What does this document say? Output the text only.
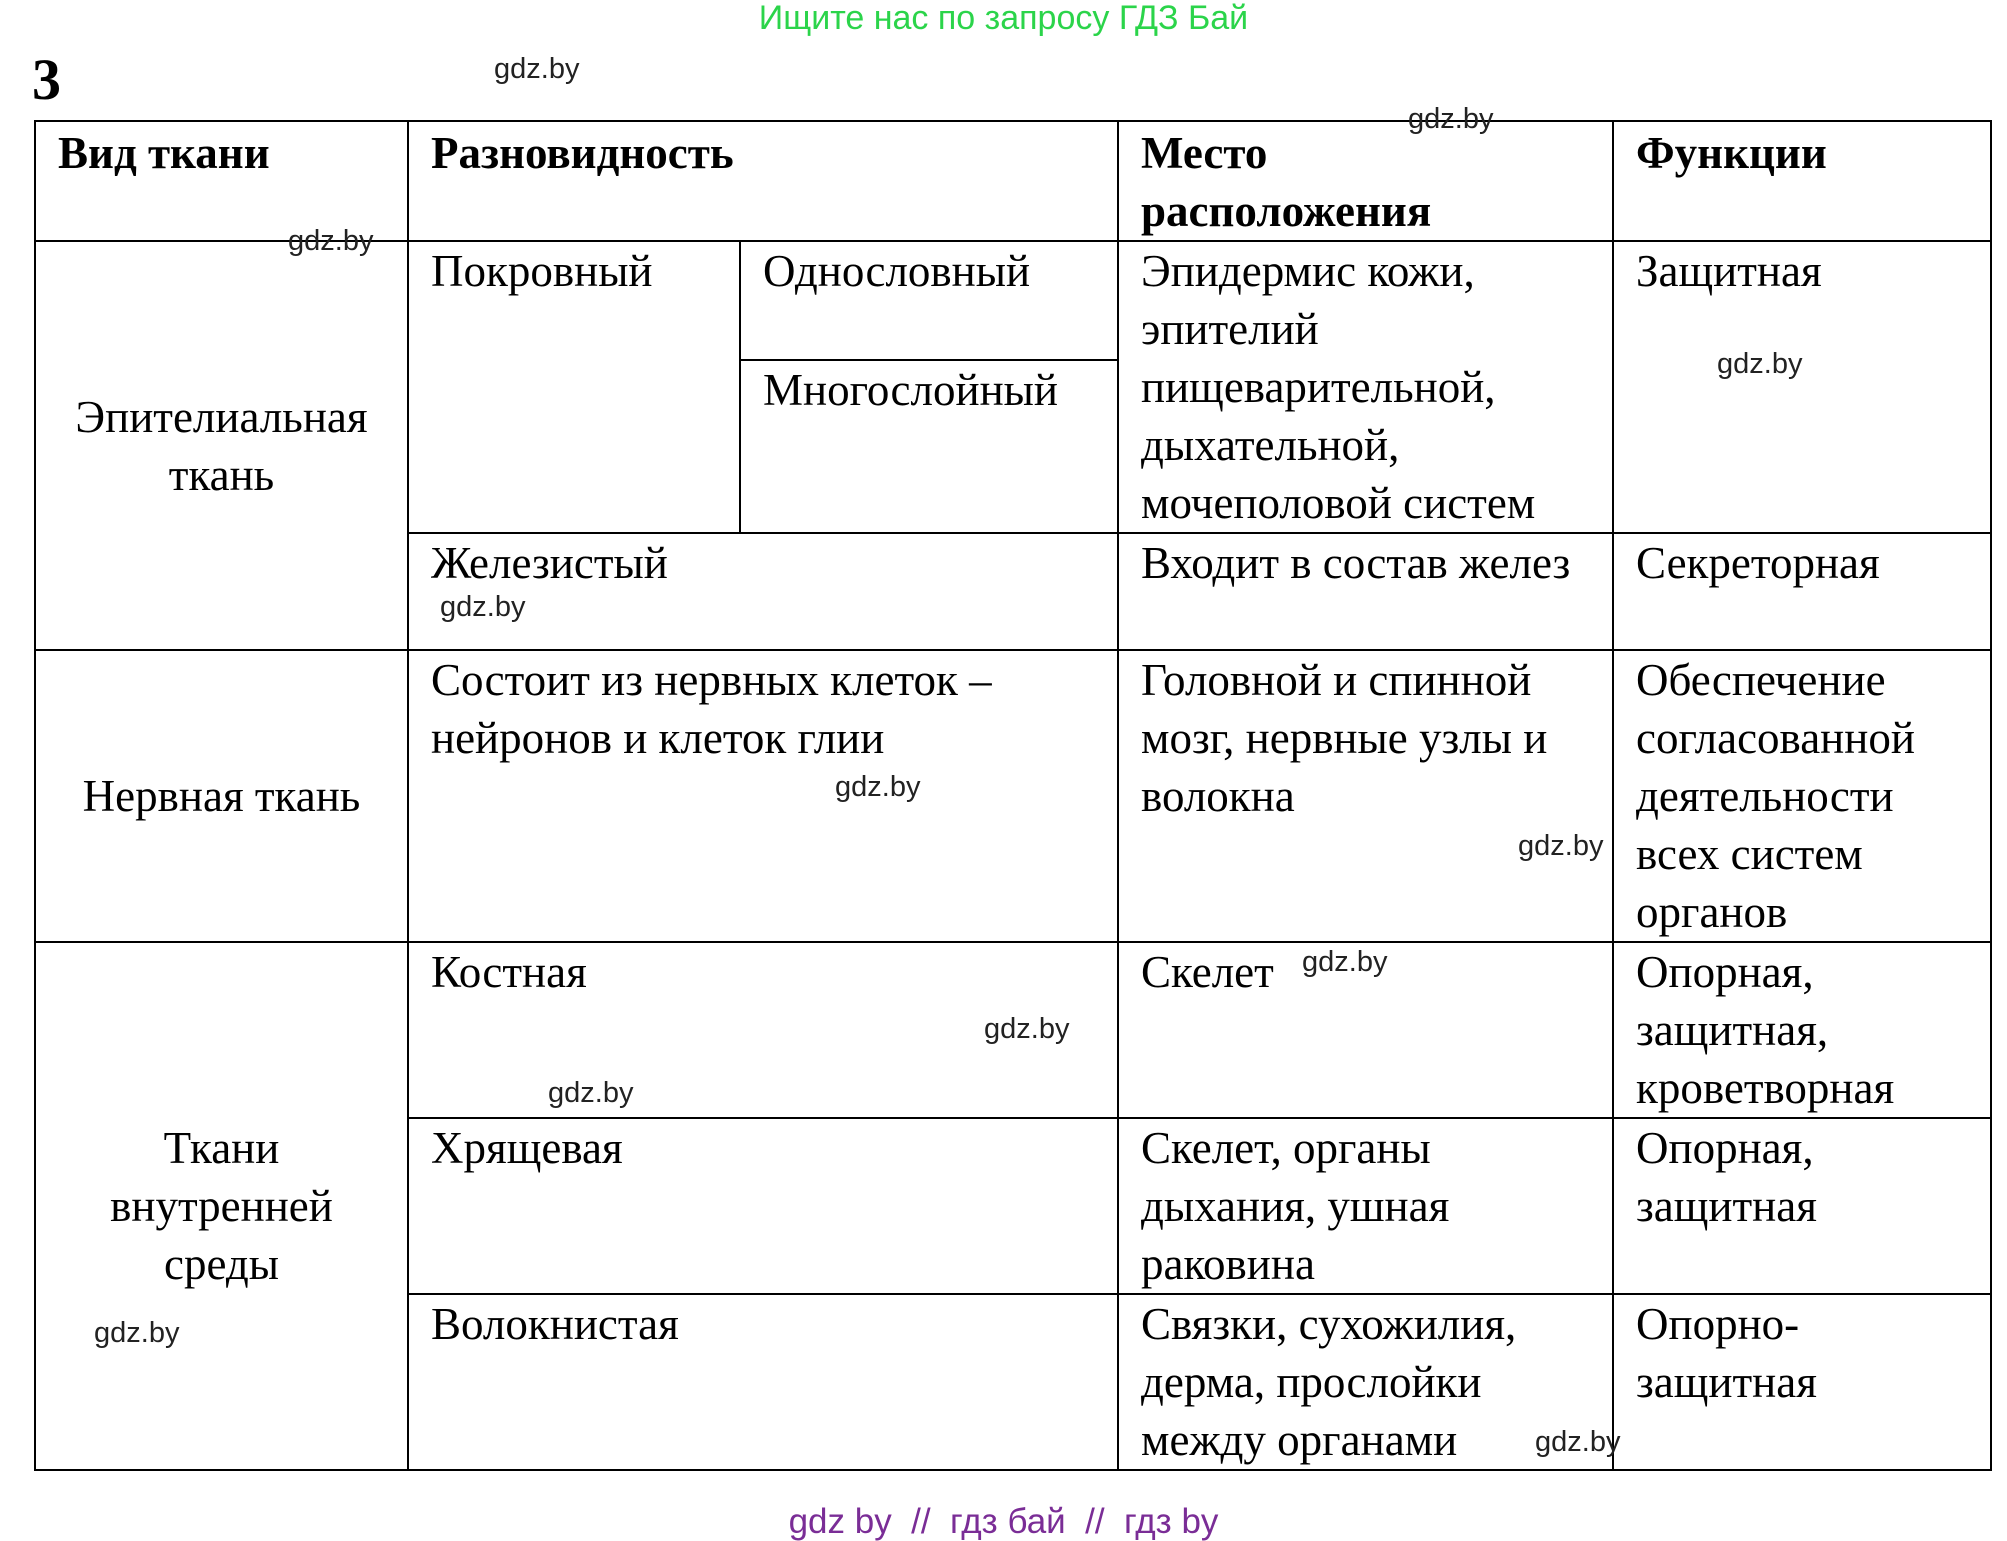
Ищите нас по запросу ГДЗ Бай
3
Вид ткани	Разновидность		Место расположения	Функции
Эпителиальная ткань	Покровный	Однословный	Эпидермис кожи, эпителий пищеварительной, дыхательной, мочеполовой систем	Защитная
		Многослойный		
	Железистый		Входит в состав желез	Секреторная
Нервная ткань	Состоит из нервных клеток – нейронов и клеток глии		Головной и спинной мозг, нервные узлы и волокна	Обеспечение согласованной деятельности всех систем органов
Ткани внутренней среды	Костная		Скелет	Опорная, защитная, кроветворная
	Хрящевая		Скелет, органы дыхания, ушная раковина	Опорная, защитная
	Волокнистая		Связки, сухожилия, дерма, прослойки между органами	Опорно-защитная
gdz.by
gdz.by
gdz.by
gdz.by
gdz.by
gdz.by
gdz.by
gdz.by
gdz.by
gdz.by
gdz.by
gdz.by
gdz by  //  гдз бай  //  гдз by
